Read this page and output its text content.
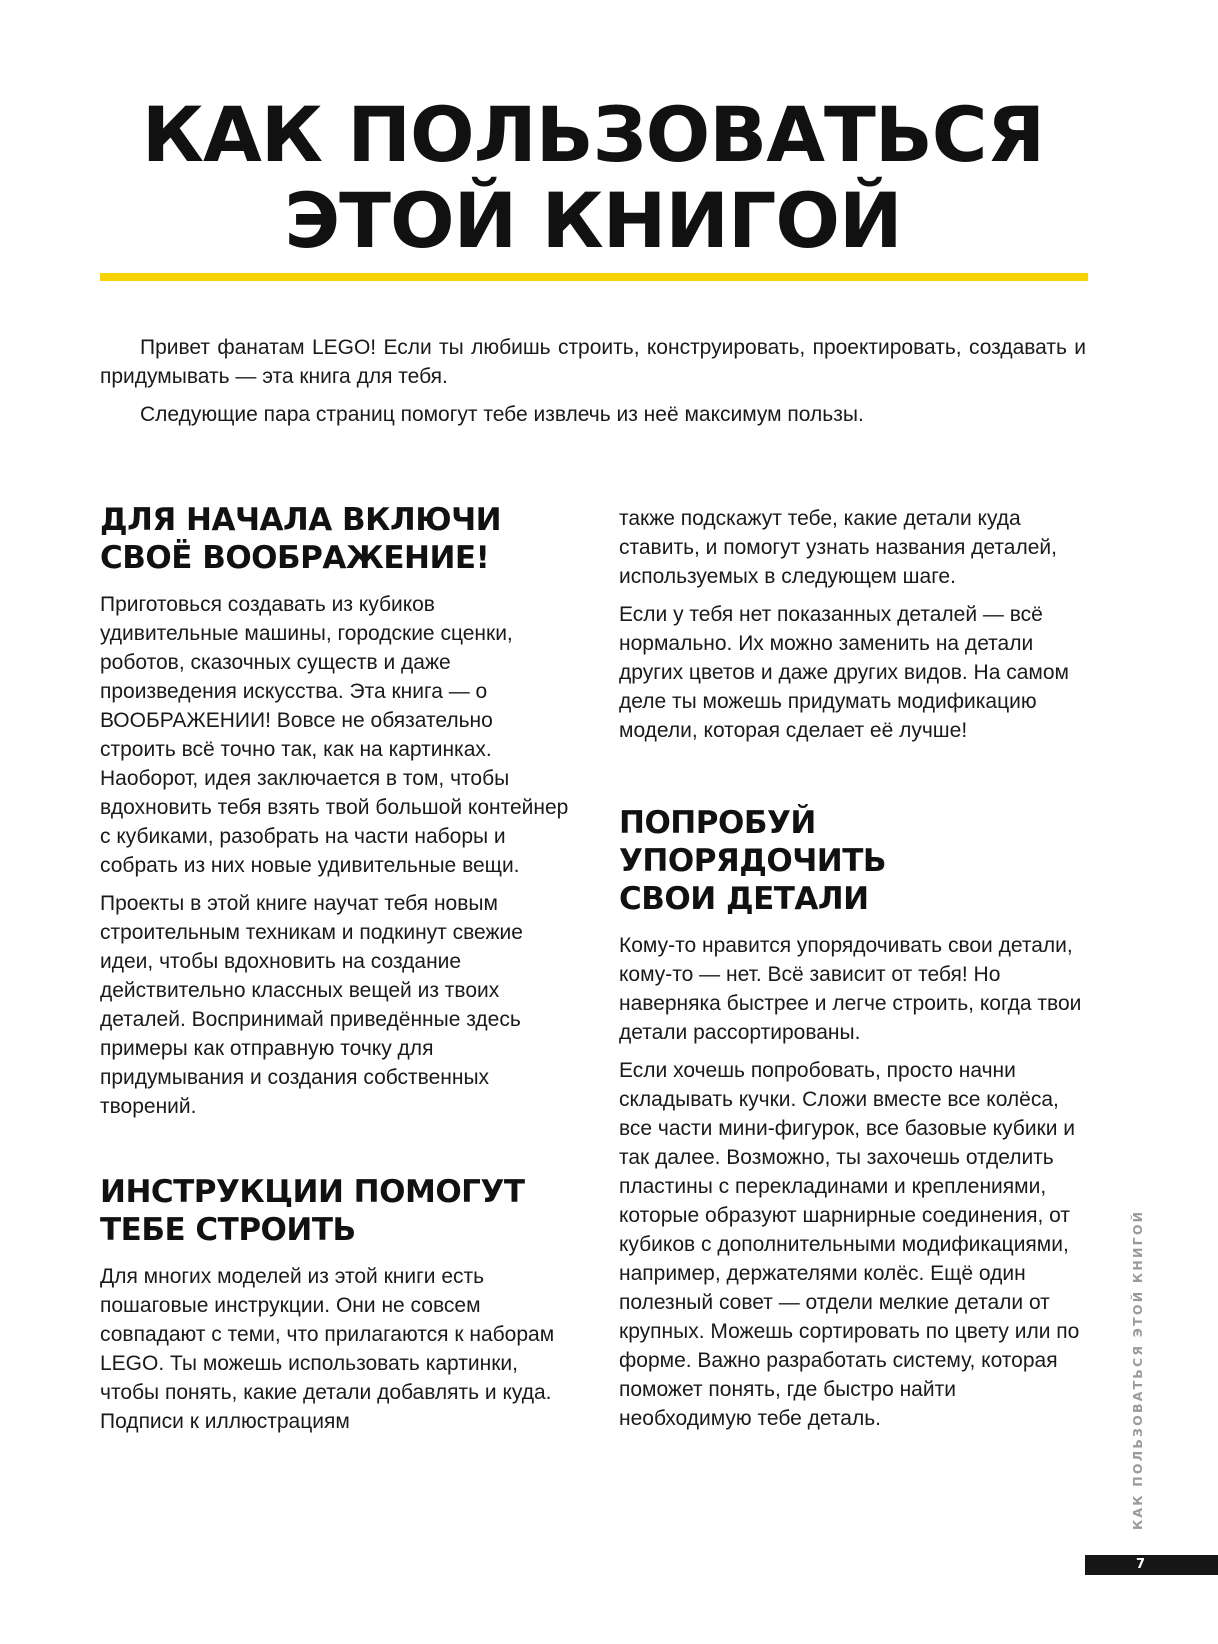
КАК ПОЛЬЗОВАТЬСЯ
ЭТОЙ КНИГОЙ

Привет фанатам LEGO! Если ты любишь строить, конструировать, проектировать, создавать и придумывать — эта книга для тебя.

Следующие пара страниц помогут тебе извлечь из неё максимум пользы.

ДЛЯ НАЧАЛА ВКЛЮЧИ
СВОЁ ВООБРАЖЕНИЕ!

Приготовься создавать из кубиков удивительные машины, городские сценки, роботов, сказочных существ и даже произведения искусства. Эта книга — о ВООБРАЖЕНИИ! Вовсе не обязательно строить всё точно так, как на картинках. Наоборот, идея заключается в том, чтобы вдохновить тебя взять твой большой контейнер с кубиками, разобрать на части наборы и собрать из них новые удивительные вещи.

Проекты в этой книге научат тебя новым строительным техникам и подкинут свежие идеи, чтобы вдохновить на создание действительно классных вещей из твоих деталей. Воспринимай приведённые здесь примеры как отправную точку для придумывания и создания собственных творений.

ИНСТРУКЦИИ ПОМОГУТ
ТЕБЕ СТРОИТЬ

Для многих моделей из этой книги есть пошаговые инструкции. Они не совсем совпадают с теми, что прилагаются к наборам LEGO. Ты можешь использовать картинки, чтобы понять, какие детали добавлять и куда. Подписи к иллюстрациям

также подскажут тебе, какие детали куда ставить, и помогут узнать названия деталей, используемых в следующем шаге.

Если у тебя нет показанных деталей — всё нормально. Их можно заменить на детали других цветов и даже других видов. На самом деле ты можешь придумать модификацию модели, которая сделает её лучше!

ПОПРОБУЙ УПОРЯДОЧИТЬ
СВОИ ДЕТАЛИ

Кому-то нравится упорядочивать свои детали, кому-то — нет. Всё зависит от тебя! Но наверняка быстрее и легче строить, когда твои детали рассортированы.

Если хочешь попробовать, просто начни складывать кучки. Сложи вместе все колёса, все части мини-фигурок, все базовые кубики и так далее. Возможно, ты захочешь отделить пластины с перекладинами и креплениями, которые образуют шарнирные соединения, от кубиков с дополнительными модификациями, например, держателями колёс. Ещё один полезный совет — отдели мелкие детали от крупных. Можешь сортировать по цвету или по форме. Важно разработать систему, которая поможет понять, где быстро найти необходимую тебе деталь.	КАК ПОЛЬЗОВАТЬСЯ ЭТОЙ КНИГОЙ
7
